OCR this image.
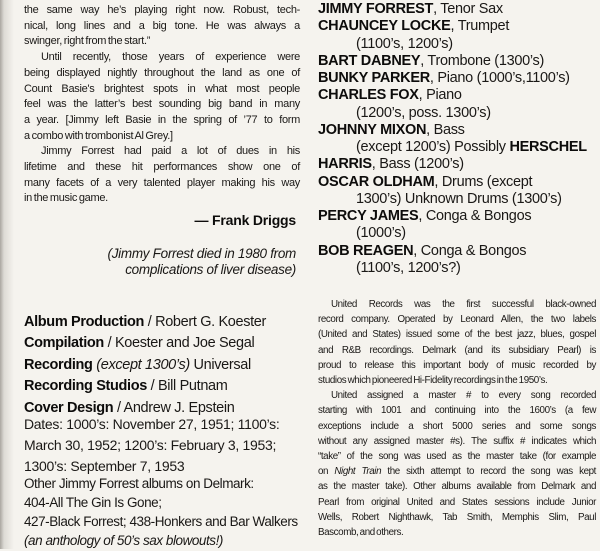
the same way he’s playing right now. Robust, tech-
nical, long lines and a big tone. He was always a
swinger, right from the start.”
Until recently, those years of experience were
being displayed nightly throughout the land as one of
Count Basie's brightest spots in what most people
feel was the latter’s best sounding big band in many
a year. [Jimmy left Basie in the spring of ’77 to form
a combo with trombonist Al Grey.]
Jimmy Forrest had paid a lot of dues in his
lifetime and these hit performances show one of
many facets of a very talented player making his way
in the music game.
— Frank Driggs
(Jimmy Forrest died in 1980 from
complications of liver disease)
Album Production / Robert G. Koester
Compilation / Koester and Joe Segal
Recording (except 1300’s) Universal
Recording Studios / Bill Putnam
Cover Design / Andrew J. Epstein
Dates: 1000’s: November 27, 1951; 1100’s:
March 30, 1952; 1200’s: February 3, 1953;
1300’s: September 7, 1953
Other Jimmy Forrest albums on Delmark:
404-All The Gin Is Gone;
427-Black Forrest; 438-Honkers and Bar Walkers
(an anthology of 50’s sax blowouts!)
JIMMY FORREST, Tenor Sax
CHAUNCEY LOCKE, Trumpet
(1100’s, 1200’s)
BART DABNEY, Trombone (1300’s)
BUNKY PARKER, Piano (1000’s,1100’s)
CHARLES FOX, Piano
(1200’s, poss. 1300’s)
JOHNNY MIXON, Bass
(except 1200’s) Possibly HERSCHEL
HARRIS, Bass (1200’s)
OSCAR OLDHAM, Drums (except
1300’s) Unknown Drums (1300’s)
PERCY JAMES, Conga & Bongos
(1000’s)
BOB REAGEN, Conga & Bongos
(1100’s, 1200’s?)
United Records was the first successful black-owned
record company. Operated by Leonard Allen, the two labels
(United and States) issued some of the best jazz, blues, gospel
and R&B recordings. Delmark (and its subsidiary Pearl) is
proud to release this important body of music recorded by
studios which pioneered Hi-Fidelity recordings in the 1950’s.
United assigned a master # to every song recorded
starting with 1001 and continuing into the 1600’s (a few
exceptions include a short 5000 series and some songs
without any assigned master #s). The suffix # indicates which
“take” of the song was used as the master take (for example
on Night Train the sixth attempt to record the song was kept
as the master take). Other albums available from Delmark and
Pearl from original United and States sessions include Junior
Wells, Robert Nighthawk, Tab Smith, Memphis Slim, Paul
Bascomb, and others.
